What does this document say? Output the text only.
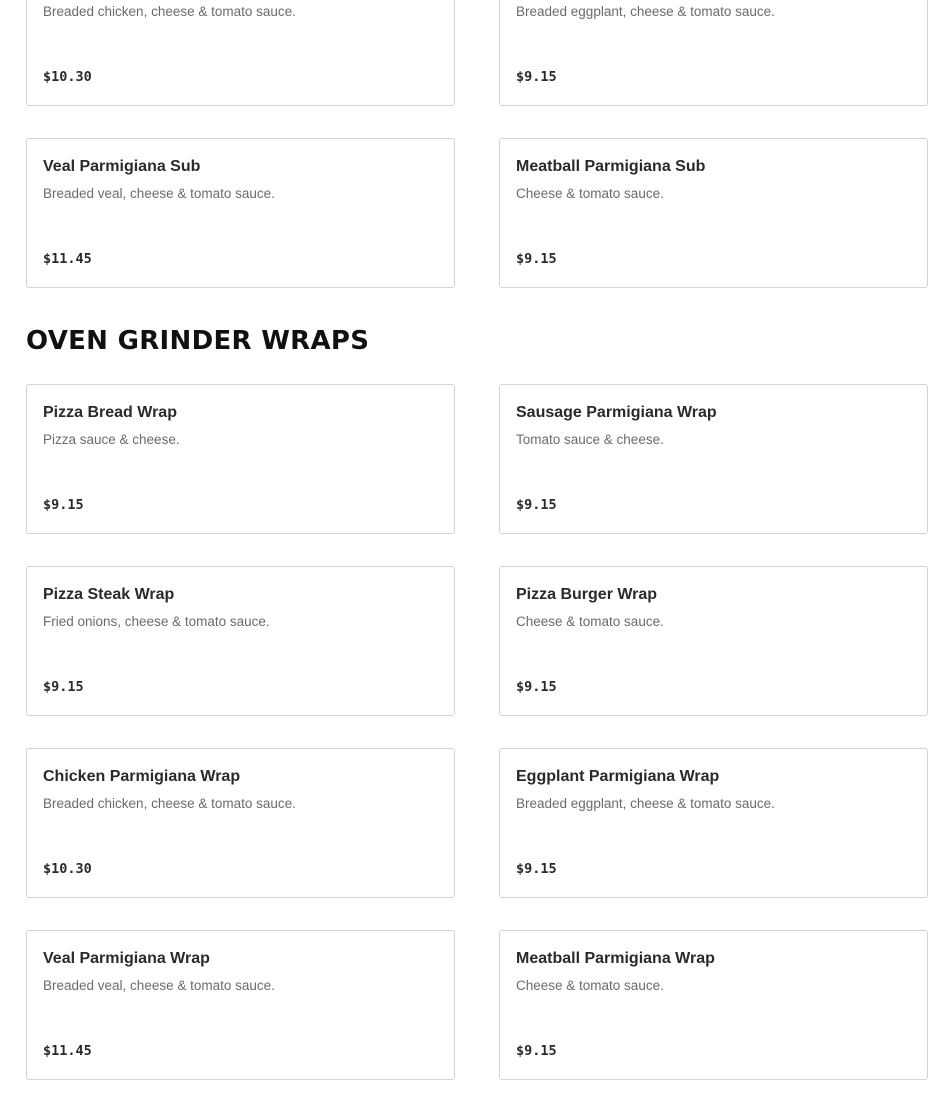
Breaded chicken, cheese & tomato sauce.
$10.30
Breaded eggplant, cheese & tomato sauce.
$9.15
Veal Parmigiana Sub
Breaded veal, cheese & tomato sauce.
$11.45
Meatball Parmigiana Sub
Cheese & tomato sauce.
$9.15
OVEN GRINDER WRAPS
Pizza Bread Wrap
Pizza sauce & cheese.
$9.15
Sausage Parmigiana Wrap
Tomato sauce & cheese.
$9.15
Pizza Steak Wrap
Fried onions, cheese & tomato sauce.
$9.15
Pizza Burger Wrap
Cheese & tomato sauce.
$9.15
Chicken Parmigiana Wrap
Breaded chicken, cheese & tomato sauce.
$10.30
Eggplant Parmigiana Wrap
Breaded eggplant, cheese & tomato sauce.
$9.15
Veal Parmigiana Wrap
Breaded veal, cheese & tomato sauce.
$11.45
Meatball Parmigiana Wrap
Cheese & tomato sauce.
$9.15
